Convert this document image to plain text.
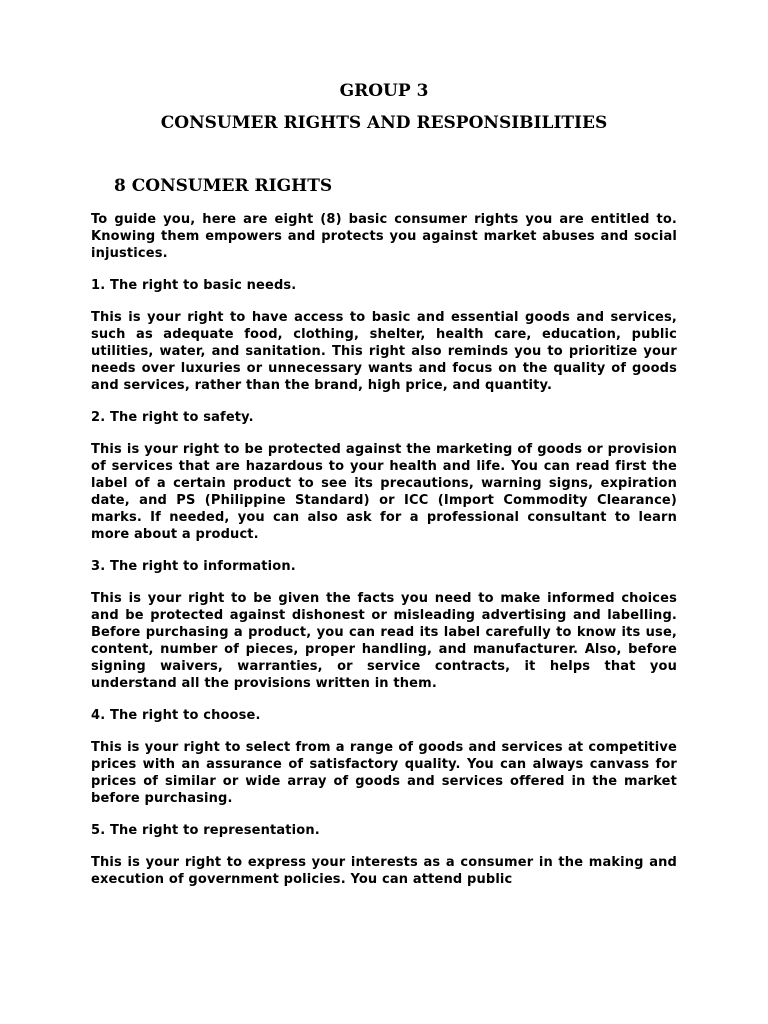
GROUP 3
CONSUMER RIGHTS AND RESPONSIBILITIES
8 CONSUMER RIGHTS

To guide you, here are eight (8) basic consumer rights you are entitled to. Knowing them empowers and protects you against market abuses and social injustices.

1. The right to basic needs.

This is your right to have access to basic and essential goods and services, such as adequate food, clothing, shelter, health care, education, public utilities, water, and sanitation. This right also reminds you to prioritize your needs over luxuries or unnecessary wants and focus on the quality of goods and services, rather than the brand, high price, and quantity.

2. The right to safety.

This is your right to be protected against the marketing of goods or provision of services that are hazardous to your health and life. You can read first the label of a certain product to see its precautions, warning signs, expiration date, and PS (Philippine Standard) or ICC (Import Commodity Clearance) marks. If needed, you can also ask for a professional consultant to learn more about a product.

3. The right to information.

This is your right to be given the facts you need to make informed choices and be protected against dishonest or misleading advertising and labelling. Before purchasing a product, you can read its label carefully to know its use, content, number of pieces, proper handling, and manufacturer. Also, before signing waivers, warranties, or service contracts, it helps that you understand all the provisions written in them.

4. The right to choose.

This is your right to select from a range of goods and services at competitive prices with an assurance of satisfactory quality. You can always canvass for prices of similar or wide array of goods and services offered in the market before purchasing.

5. The right to representation.

This is your right to express your interests as a consumer in the making and execution of government policies. You can attend public
